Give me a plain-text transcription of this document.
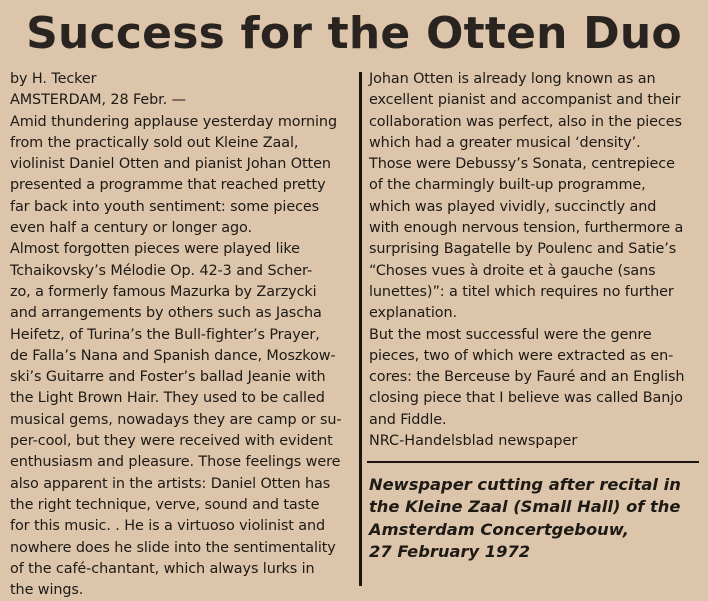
Success for the Otten Duo
by H. Tecker
AMSTERDAM, 28 Febr. —
Amid thundering applause yesterday morning
from the practically sold out Kleine Zaal,
violinist Daniel Otten and pianist Johan Otten
presented a programme that reached pretty
far back into youth sentiment: some pieces
even half a century or longer ago.
Almost forgotten pieces were played like
Tchaikovsky’s Mélodie Op. 42-3 and Scher-
zo, a formerly famous Mazurka by Zarzycki
and arrangements by others such as Jascha
Heifetz, of Turina’s the Bull-fighter’s Prayer,
de Falla’s Nana and Spanish dance, Moszkow-
ski’s Guitarre and Foster’s ballad Jeanie with
the Light Brown Hair. They used to be called
musical gems, nowadays they are camp or su-
per-cool, but they were received with evident
enthusiasm and pleasure. Those feelings were
also apparent in the artists: Daniel Otten has
the right technique, verve, sound and taste
for this music. . He is a virtuoso violinist and
nowhere does he slide into the sentimentality
of the café-chantant, which always lurks in
the wings.
Johan Otten is already long known as an
excellent pianist and accompanist and their
collaboration was perfect, also in the pieces
which had a greater musical ‘density’.
Those were Debussy’s Sonata, centrepiece
of the charmingly built-up programme,
which was played vividly, succinctly and
with enough nervous tension, furthermore a
surprising Bagatelle by Poulenc and Satie’s
“Choses vues à droite et à gauche (sans
lunettes)”: a titel which requires no further
explanation.
But the most successful were the genre
pieces, two of which were extracted as en-
cores: the Berceuse by Fauré and an English
closing piece that I believe was called Banjo
and Fiddle.
NRC-Handelsblad newspaper
Newspaper cutting after recital in
the Kleine Zaal (Small Hall) of the
Amsterdam Concertgebouw,
27 February 1972
